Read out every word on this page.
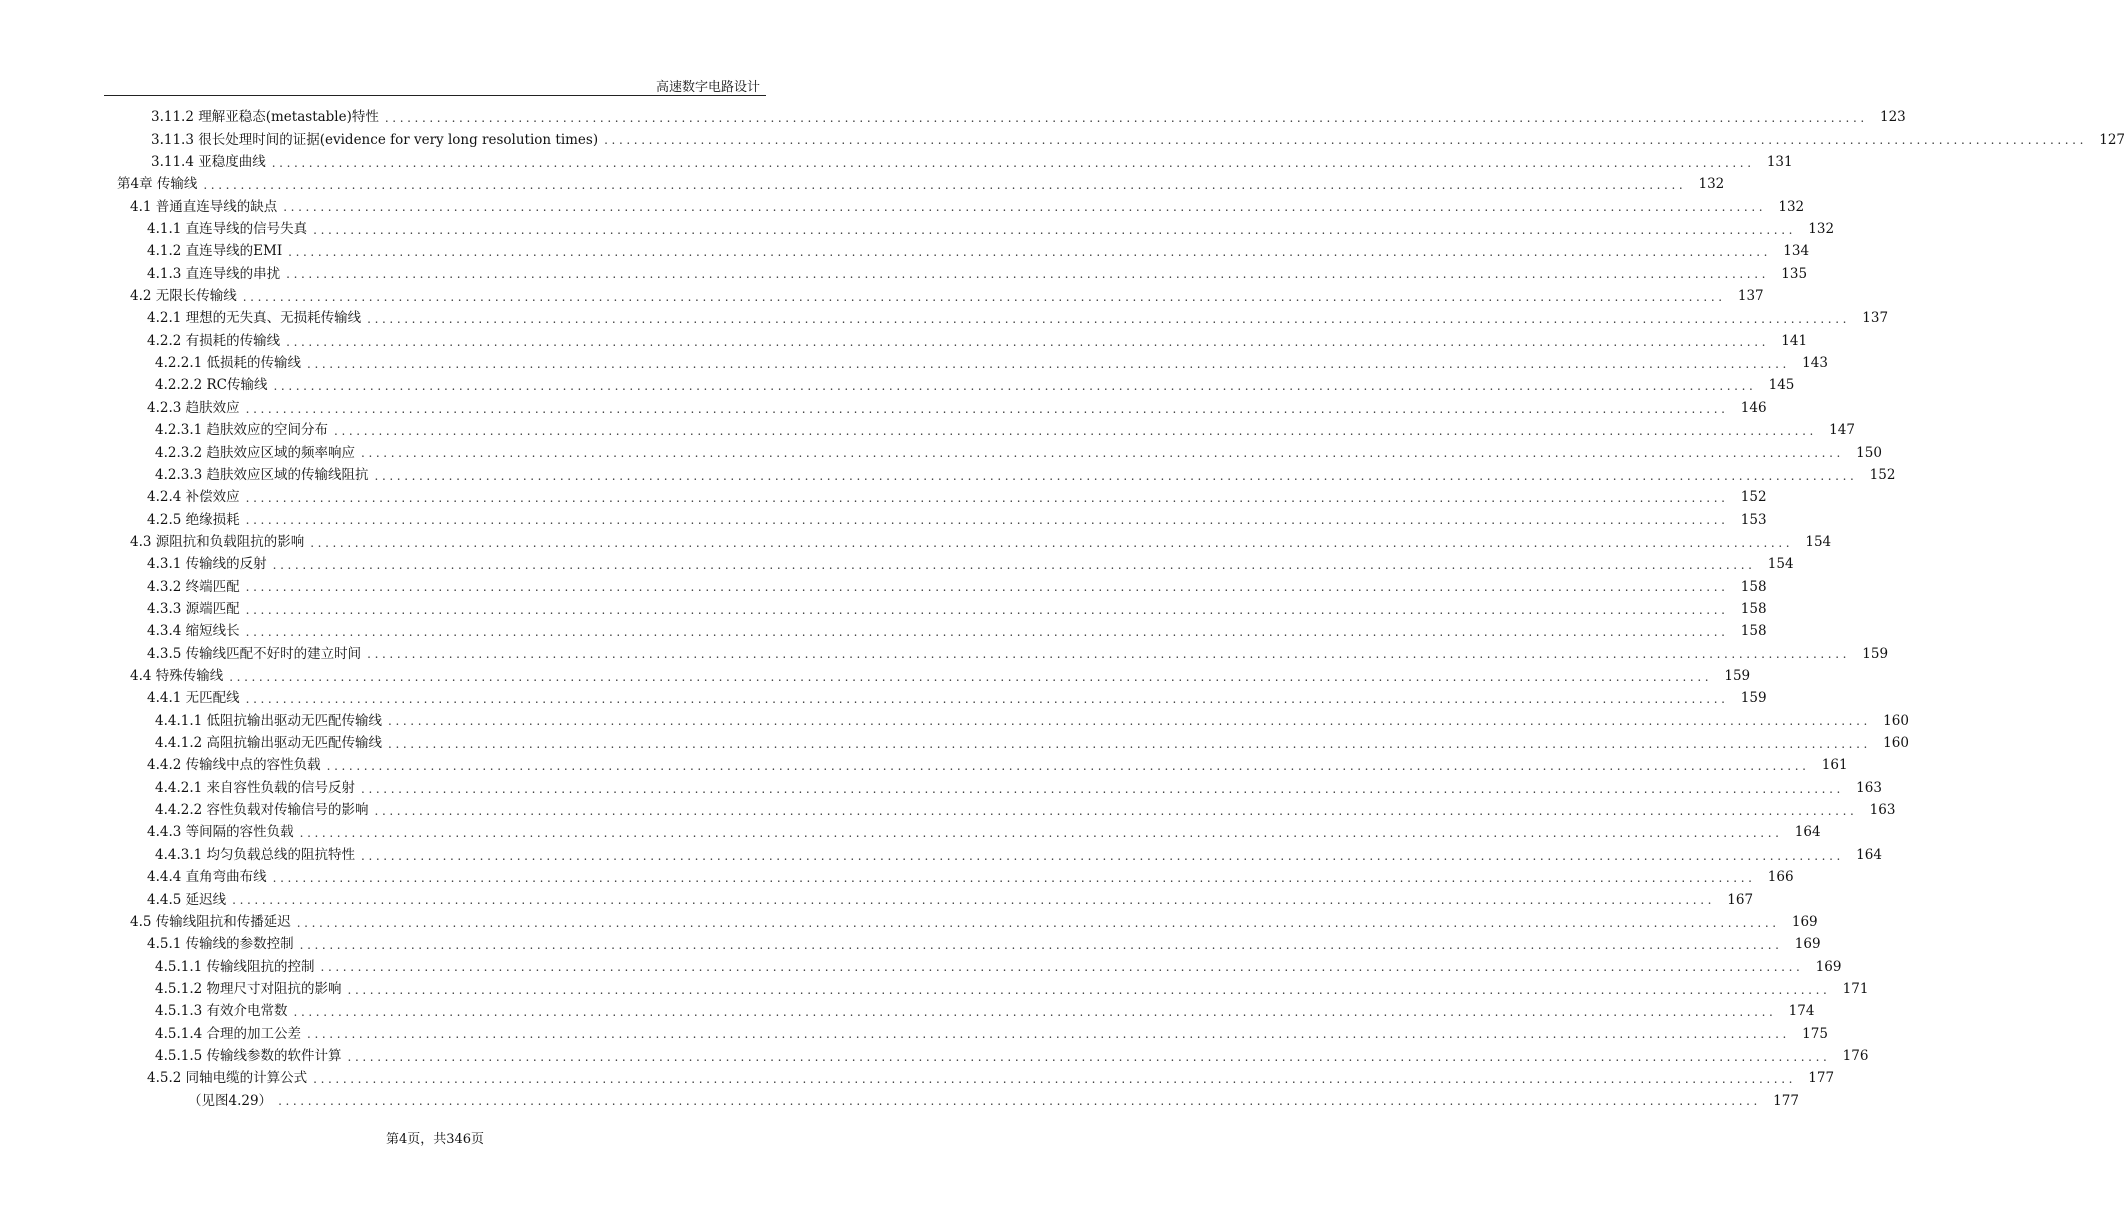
高速数字电路设计
3.11.2 理解亚稳态(metastable)特性 ........................................................................................................................................................................................................ 123
3.11.3 很长处理时间的证据(evidence for very long resolution times) ........................................................................................................................................................................................................ 127
3.11.4 亚稳度曲线 ........................................................................................................................................................................................................ 131
第4章 传输线 ........................................................................................................................................................................................................ 132
4.1 普通直连导线的缺点 ........................................................................................................................................................................................................ 132
4.1.1 直连导线的信号失真 ........................................................................................................................................................................................................ 132
4.1.2 直连导线的EMI ........................................................................................................................................................................................................ 134
4.1.3 直连导线的串扰 ........................................................................................................................................................................................................ 135
4.2 无限长传输线 ........................................................................................................................................................................................................ 137
4.2.1 理想的无失真、无损耗传输线 ........................................................................................................................................................................................................ 137
4.2.2 有损耗的传输线 ........................................................................................................................................................................................................ 141
4.2.2.1 低损耗的传输线 ........................................................................................................................................................................................................ 143
4.2.2.2 RC传输线 ........................................................................................................................................................................................................ 145
4.2.3 趋肤效应 ........................................................................................................................................................................................................ 146
4.2.3.1 趋肤效应的空间分布 ........................................................................................................................................................................................................ 147
4.2.3.2 趋肤效应区域的频率响应 ........................................................................................................................................................................................................ 150
4.2.3.3 趋肤效应区域的传输线阻抗 ........................................................................................................................................................................................................ 152
4.2.4 补偿效应 ........................................................................................................................................................................................................ 152
4.2.5 绝缘损耗 ........................................................................................................................................................................................................ 153
4.3 源阻抗和负载阻抗的影响 ........................................................................................................................................................................................................ 154
4.3.1 传输线的反射 ........................................................................................................................................................................................................ 154
4.3.2 终端匹配 ........................................................................................................................................................................................................ 158
4.3.3 源端匹配 ........................................................................................................................................................................................................ 158
4.3.4 缩短线长 ........................................................................................................................................................................................................ 158
4.3.5 传输线匹配不好时的建立时间 ........................................................................................................................................................................................................ 159
4.4 特殊传输线 ........................................................................................................................................................................................................ 159
4.4.1 无匹配线 ........................................................................................................................................................................................................ 159
4.4.1.1 低阻抗输出驱动无匹配传输线 ........................................................................................................................................................................................................ 160
4.4.1.2 高阻抗输出驱动无匹配传输线 ........................................................................................................................................................................................................ 160
4.4.2 传输线中点的容性负载 ........................................................................................................................................................................................................ 161
4.4.2.1 来自容性负载的信号反射 ........................................................................................................................................................................................................ 163
4.4.2.2 容性负载对传输信号的影响 ........................................................................................................................................................................................................ 163
4.4.3 等间隔的容性负载 ........................................................................................................................................................................................................ 164
4.4.3.1 均匀负载总线的阻抗特性 ........................................................................................................................................................................................................ 164
4.4.4 直角弯曲布线 ........................................................................................................................................................................................................ 166
4.4.5 延迟线 ........................................................................................................................................................................................................ 167
4.5 传输线阻抗和传播延迟 ........................................................................................................................................................................................................ 169
4.5.1 传输线的参数控制 ........................................................................................................................................................................................................ 169
4.5.1.1 传输线阻抗的控制 ........................................................................................................................................................................................................ 169
4.5.1.2 物理尺寸对阻抗的影响 ........................................................................................................................................................................................................ 171
4.5.1.3 有效介电常数 ........................................................................................................................................................................................................ 174
4.5.1.4 合理的加工公差 ........................................................................................................................................................................................................ 175
4.5.1.5 传输线参数的软件计算 ........................................................................................................................................................................................................ 176
4.5.2 同轴电缆的计算公式 ........................................................................................................................................................................................................ 177
（见图4.29） ........................................................................................................................................................................................................ 177
第4页，共346页
